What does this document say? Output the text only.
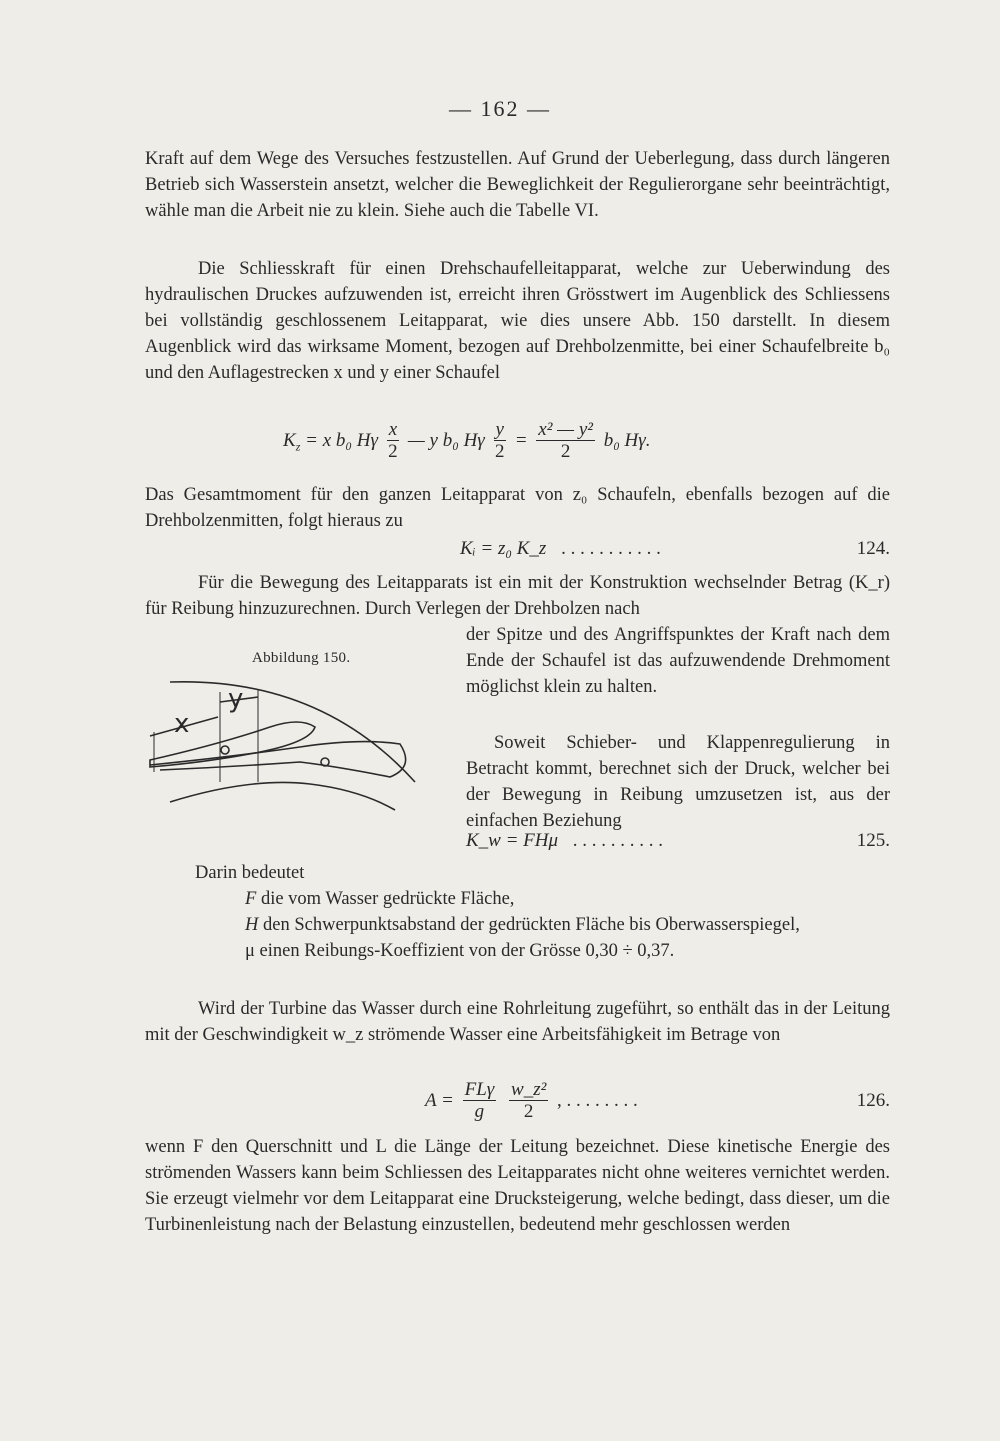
— 162 —

Kraft auf dem Wege des Versuches festzustellen. Auf Grund der Ueberlegung, dass durch längeren Betrieb sich Wasserstein ansetzt, welcher die Beweglichkeit der Regulierorgane sehr beeinträchtigt, wähle man die Arbeit nie zu klein. Siehe auch die Tabelle VI.

Die Schliesskraft für einen Drehschaufelleitapparat, welche zur Ueberwindung des hydraulischen Druckes aufzuwenden ist, erreicht ihren Grösstwert im Augenblick des Schliessens bei vollständig geschlossenem Leitapparat, wie dies unsere Abb. 150 darstellt. In diesem Augenblick wird das wirksame Moment, bezogen auf Drehbolzenmitte, bei einer Schaufelbreite b₀ und den Auflagestrecken x und y einer Schaufel

$K_z = x$ b₀ Hγ $\frac{x}{2}$ — y b₀ Hγ $\frac{y}{2} = \frac{\text{x² — y²}}{2} b_0$ Hγ.

Das Gesamtmoment für den ganzen Leitapparat von z₀ Schaufeln, ebenfalls bezogen auf die Drehbolzenmitten, folgt hieraus zu

Kᵢ = z₀ K_z . . . . . . . . . . .	124.

Für die Bewegung des Leitapparats ist ein mit der Konstruktion wechselnder Betrag (K_r) für Reibung hinzuzurechnen. Durch Verlegen der Drehbolzen nach

Abbildung 150.
x
y

der Spitze und des Angriffspunktes der Kraft nach dem Ende der Schaufel ist das aufzuwendende Drehmoment möglichst klein zu halten.

Soweit Schieber- und Klappenregulierung in Betracht kommt, berechnet sich der Druck, welcher bei der Bewegung in Reibung umzusetzen ist, aus der einfachen Beziehung

K_w = FHμ . . . . . . . . . .	125.
Darin bedeutet
F die vom Wasser gedrückte Fläche,
H den Schwerpunktsabstand der gedrückten Fläche bis Oberwasserspiegel,
μ einen Reibungs-Koeffizient von der Grösse 0,30 ÷ 0,37.

Wird der Turbine das Wasser durch eine Rohrleitung zugeführt, so enthält das in der Leitung mit der Geschwindigkeit w_z strömende Wasser eine Arbeitsfähigkeit im Betrage von

$A = \frac{\text{FLγ}}{g}$
$\frac{\text{w\_z²}}{2}$ , . . . . . . . .	126.

wenn F den Querschnitt und L die Länge der Leitung bezeichnet. Diese kinetische Energie des strömenden Wassers kann beim Schliessen des Leitapparates nicht ohne weiteres vernichtet werden. Sie erzeugt vielmehr vor dem Leitapparat eine Drucksteigerung, welche bedingt, dass dieser, um die Turbinenleistung nach der Belastung einzustellen, bedeutend mehr geschlossen werden
